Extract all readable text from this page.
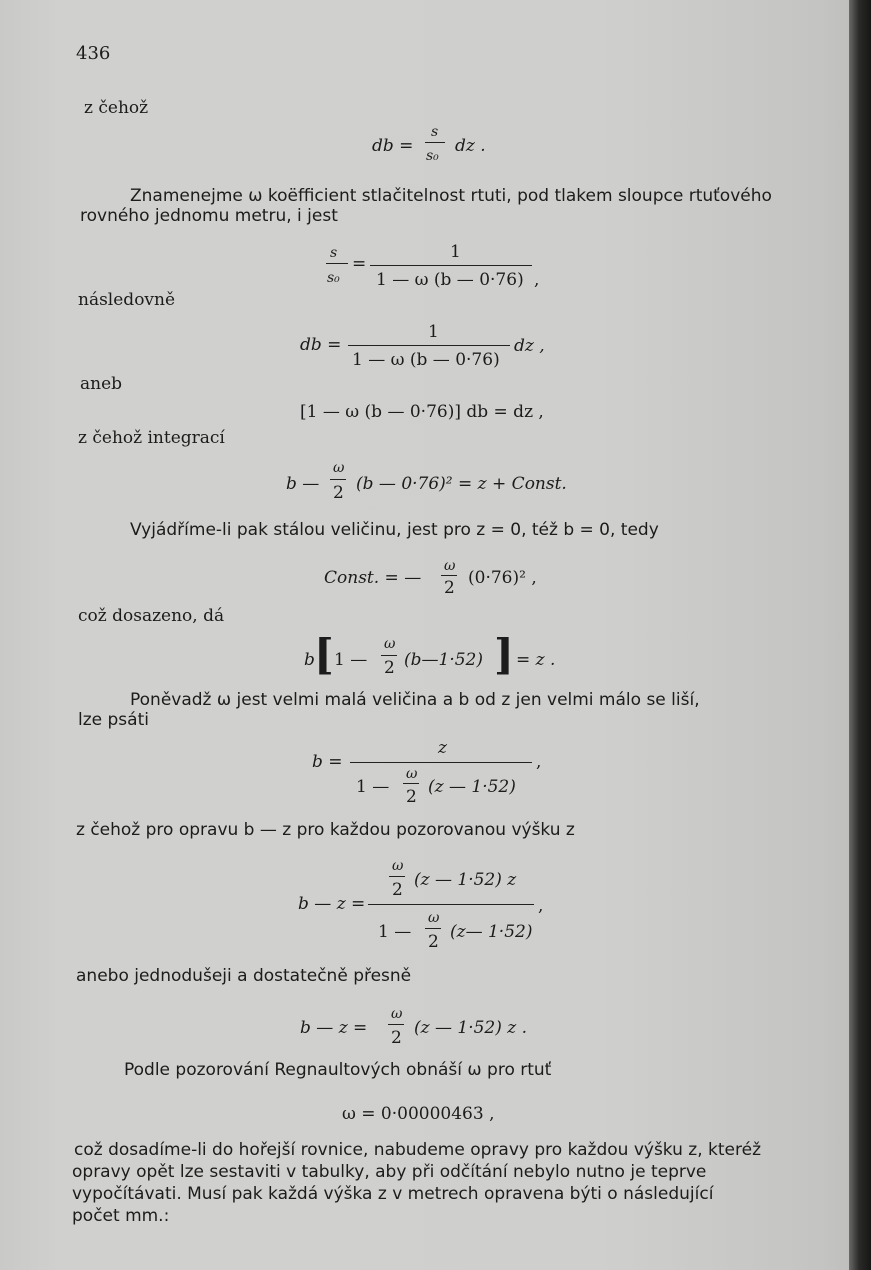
436
z čehož
db =
s
s₀ dz .
Znamenejme ω koëfficient stlačitelnost rtuti, pod tlakem sloupce rtuťového
rovného jednomu metru, i jest
s
s₀
=
1
1 — ω (b — 0·76) ,
následovně
db =
1
1 — ω (b — 0·76)
dz ,
aneb
[1 — ω (b — 0·76)] db = dz ,
z čehož integrací
b —
ω
2 (b — 0·76)² = z + Const.
Vyjádříme-li pak stálou veličinu, jest pro z = 0, též b = 0, tedy
Const. = —
ω
2 (0·76)² ,
což dosazeno, dá
b [ 1 —
ω
2 (b—1·52) ] = z .
Poněvadž ω jest velmi malá veličina a b od z jen velmi málo se liší,
lze psáti
b =
z
1 —
ω
2 (z — 1·52)
,
z čehož pro opravu b — z pro každou pozorovanou výšku z
b — z =
ω
2 (z — 1·52) z
1 —
ω
2 (z— 1·52)
,
anebo jednodušeji a dostatečně přesně
b — z =
ω
2 (z — 1·52) z .
Podle pozorování Regnaultových obnáší ω pro rtuť
ω = 0·00000463 ,
což dosadíme-li do hořejší rovnice, nabudeme opravy pro každou výšku z, kteréž
opravy opět lze sestaviti v tabulky, aby při odčítání nebylo nutno je teprve
vypočítávati. Musí pak každá výška z v metrech opravena býti o následující
počet mm.:
